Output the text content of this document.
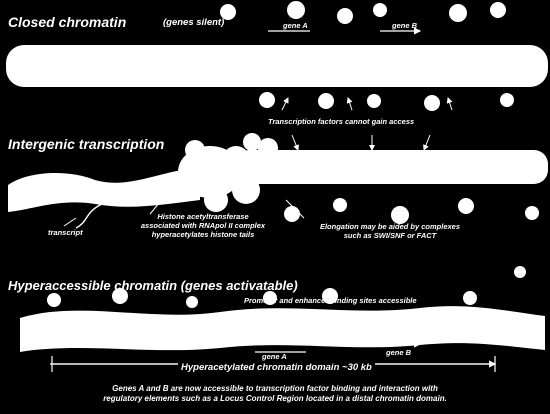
Closed chromatin	(genes silent)	gene A	gene B
Transcription factors cannot gain access
Intergenic transcription
transcript
Histone acetyltransferase
associated with RNApol II complex
hyperacetylates histone tails
Elongation may be aided by complexes
such as SWI/SNF or FACT
Hyperaccessible chromatin (genes activatable)
Promoter and enhancer binding sites accessible
gene A	gene B
Hyperacetylated chromatin domain ~30 kb
Genes A and B are now accessible to transcription factor binding and interaction with
regulatory elements such as a Locus Control Region located in a distal chromatin domain.
